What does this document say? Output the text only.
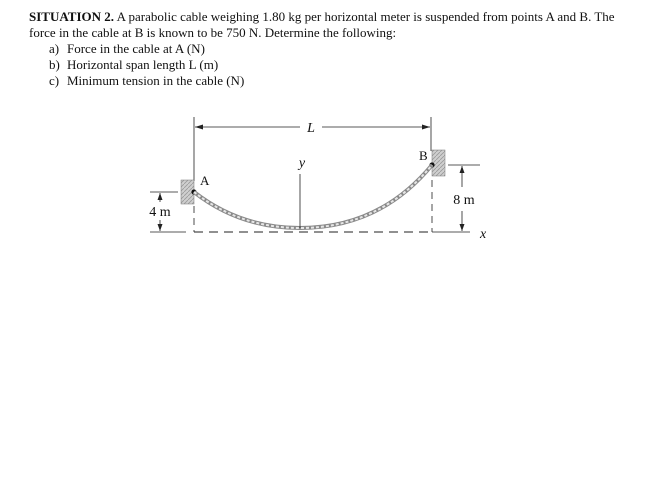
SITUATION 2. A parabolic cable weighing 1.80 kg per horizontal meter is suspended from points A and B. The force in the cable at B is known to be 750 N. Determine the following:

a) Force in the cable at A (N)
b) Horizontal span length L (m)
c) Minimum tension in the cable (N)
L
y
A
B
x
4 m
8 m
